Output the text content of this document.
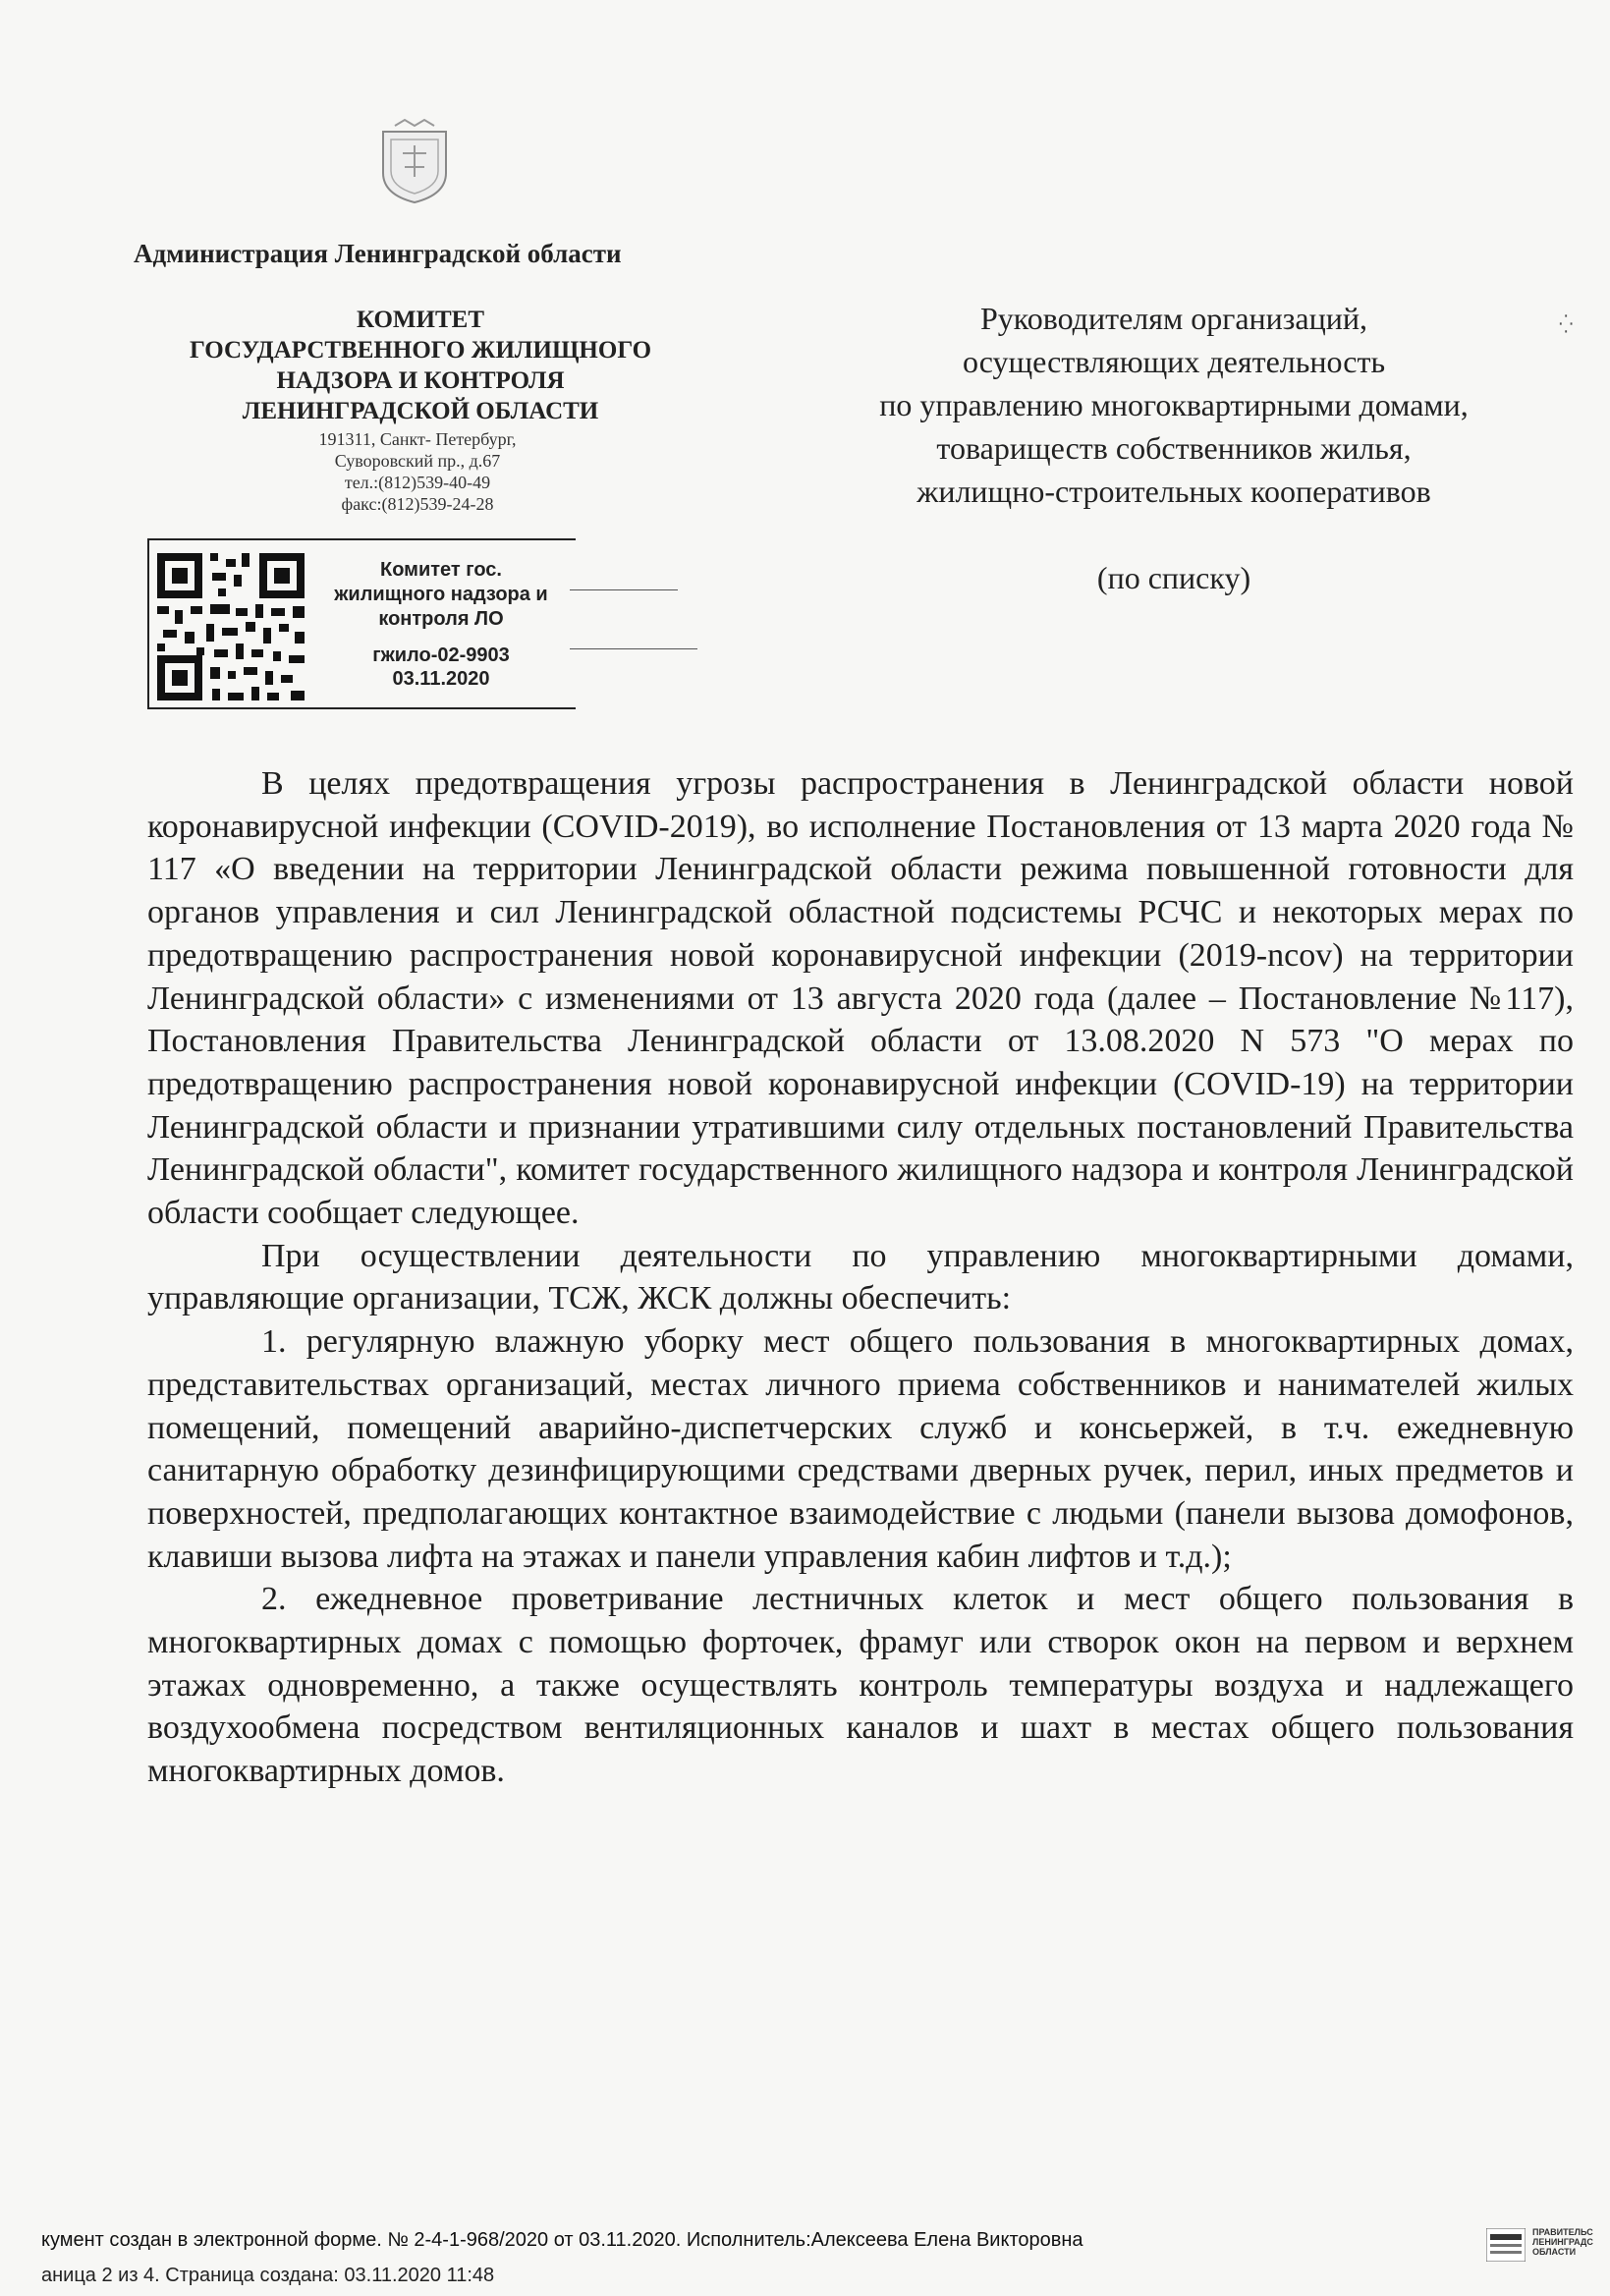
Администрация Ленинградской области
КОМИТЕТ
ГОСУДАРСТВЕННОГО ЖИЛИЩНОГО
НАДЗОРА И КОНТРОЛЯ
ЛЕНИНГРАДСКОЙ ОБЛАСТИ
191311, Санкт- Петербург,
Суворовский пр., д.67
тел.:(812)539-40-49
факс:(812)539-24-28
Комитет гос.
жилищного надзора и
контроля ЛО
гжило-02-9903
03.11.2020
Руководителям организаций,
осуществляющих деятельность
по управлению многоквартирными домами,
товариществ собственников жилья,
жилищно-строительных кооперативов
(по списку)
⁛

В целях предотвращения угрозы распространения в Ленинградской области новой коронавирусной инфекции (COVID-2019), во исполнение Постановления от 13 марта 2020 года № 117 «О введении на территории Ленинградской области режима повышенной готовности для органов управления и сил Ленинградской областной подсистемы РСЧС и некоторых мерах по предотвращению распространения новой коронавирусной инфекции (2019-ncov) на территории Ленинградской области» с изменениями от 13 августа 2020 года (далее – Постановление №117), Постановления Правительства Ленинградской области от 13.08.2020 N 573 "О мерах по предотвращению распространения новой коронавирусной инфекции (COVID-19) на территории Ленинградской области и признании утратившими силу отдельных постановлений Правительства Ленинградской области", комитет государственного жилищного надзора и контроля Ленинградской области сообщает следующее.

При осуществлении деятельности по управлению многоквартирными домами, управляющие организации, ТСЖ, ЖСК должны обеспечить:

1. регулярную влажную уборку мест общего пользования в многоквартирных домах, представительствах организаций, местах личного приема собственников и нанимателей жилых помещений, помещений аварийно-диспетчерских служб и консьержей, в т.ч. ежедневную санитарную обработку дезинфицирующими средствами дверных ручек, перил, иных предметов и поверхностей, предполагающих контактное взаимодействие с людьми (панели вызова домофонов, клавиши вызова лифта на этажах и панели управления кабин лифтов и т.д.);

2. ежедневное проветривание лестничных клеток и мест общего пользования в многоквартирных домах с помощью форточек, фрамуг или створок окон на первом и верхнем этажах одновременно, а также осуществлять контроль температуры воздуха и надлежащего воздухообмена посредством вентиляционных каналов и шахт в местах общего пользования многоквартирных домов.

кумент создан в электронной форме. № 2-4-1-968/2020 от 03.11.2020. Исполнитель:Алексеева Елена Викторовна
аница 2 из 4. Страница создана: 03.11.2020 11:48
ПРАВИТЕЛЬС
ЛЕНИНГРАДС
ОБЛАСТИ
